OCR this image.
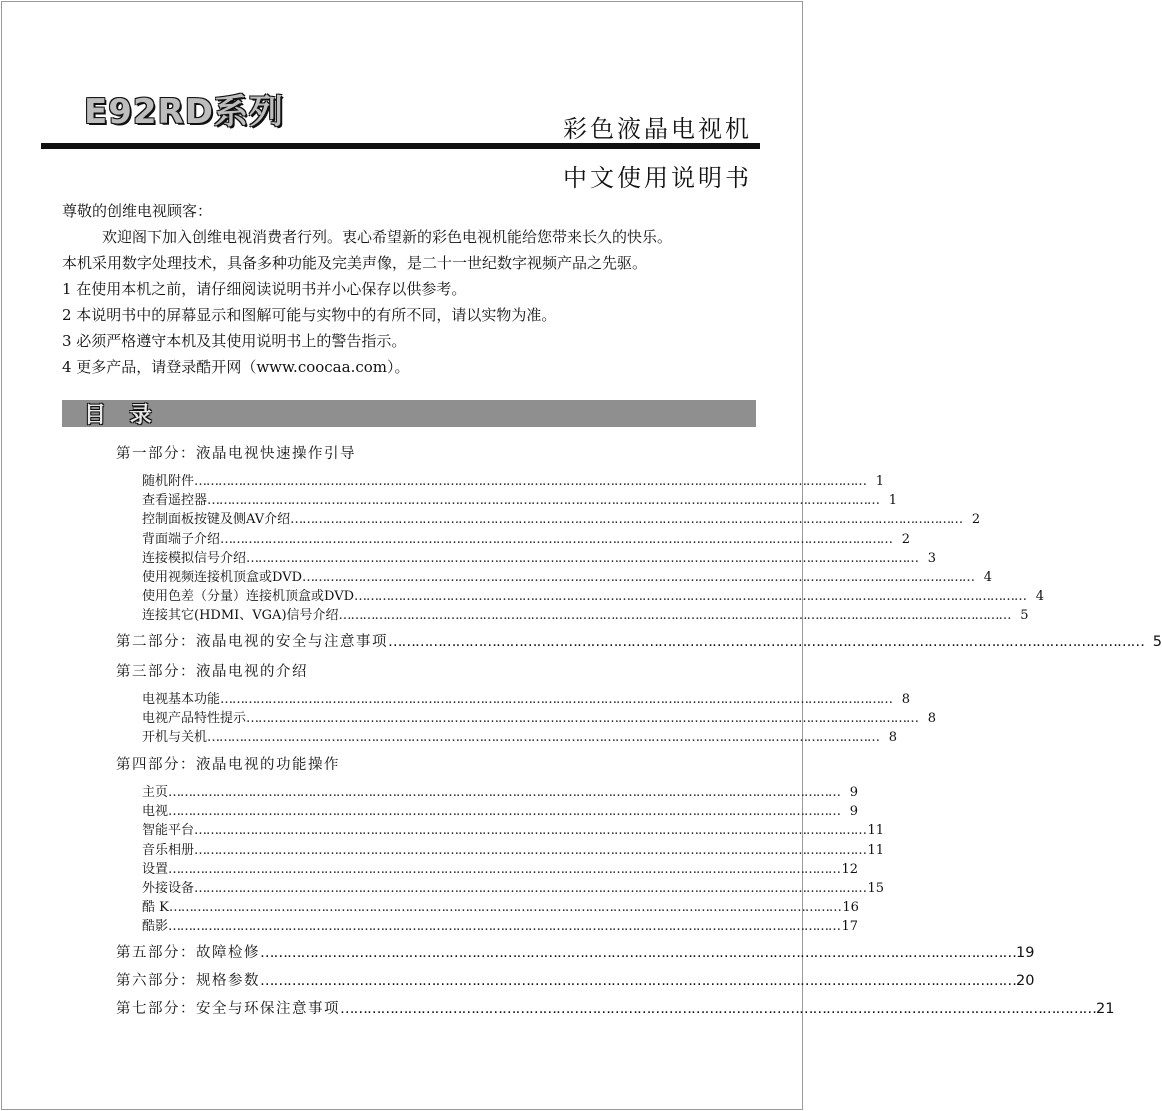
E92RD系列	彩色液晶电视机
中文使用说明书
尊敬的创维电视顾客：
欢迎阁下加入创维电视消费者行列。衷心希望新的彩色电视机能给您带来长久的快乐。
本机采用数字处理技术，具备多种功能及完美声像，是二十一世纪数字视频产品之先驱。
1 在使用本机之前，请仔细阅读说明书并小心保存以供参考。
2 本说明书中的屏幕显示和图解可能与实物中的有所不同，请以实物为准。
3 必须严格遵守本机及其使用说明书上的警告指示。
4 更多产品，请登录酷开网（www.coocaa.com）。
目 录
第一部分：液晶电视快速操作引导
随机附件 …………………………………………………………………………………………………………………………………………………… 1
查看遥控器 …………………………………………………………………………………………………………………………………………………… 1
控制面板按键及侧AV介绍 …………………………………………………………………………………………………………………………………………………… 2
背面端子介绍 …………………………………………………………………………………………………………………………………………………… 2
连接模拟信号介绍 …………………………………………………………………………………………………………………………………………………… 3
使用视频连接机顶盒或DVD …………………………………………………………………………………………………………………………………………………… 4
使用色差（分量）连接机顶盒或DVD …………………………………………………………………………………………………………………………………………………… 4
连接其它(HDMI、VGA)信号介绍 …………………………………………………………………………………………………………………………………………………… 5
第二部分：液晶电视的安全与注意事项 …………………………………………………………………………………………………………………………………………………… 5
第三部分：液晶电视的介绍
电视基本功能 …………………………………………………………………………………………………………………………………………………… 8
电视产品特性提示 …………………………………………………………………………………………………………………………………………………… 8
开机与关机 …………………………………………………………………………………………………………………………………………………… 8
第四部分：液晶电视的功能操作
主页 …………………………………………………………………………………………………………………………………………………… 9
电视 …………………………………………………………………………………………………………………………………………………… 9
智能平台 …………………………………………………………………………………………………………………………………………………… 11
音乐相册 …………………………………………………………………………………………………………………………………………………… 11
设置 …………………………………………………………………………………………………………………………………………………… 12
外接设备 …………………………………………………………………………………………………………………………………………………… 15
酷 K …………………………………………………………………………………………………………………………………………………… 16
酷影 …………………………………………………………………………………………………………………………………………………… 17
第五部分：故障检修 …………………………………………………………………………………………………………………………………………………… 19
第六部分：规格参数 …………………………………………………………………………………………………………………………………………………… 20
第七部分：安全与环保注意事项 …………………………………………………………………………………………………………………………………………………… 21
